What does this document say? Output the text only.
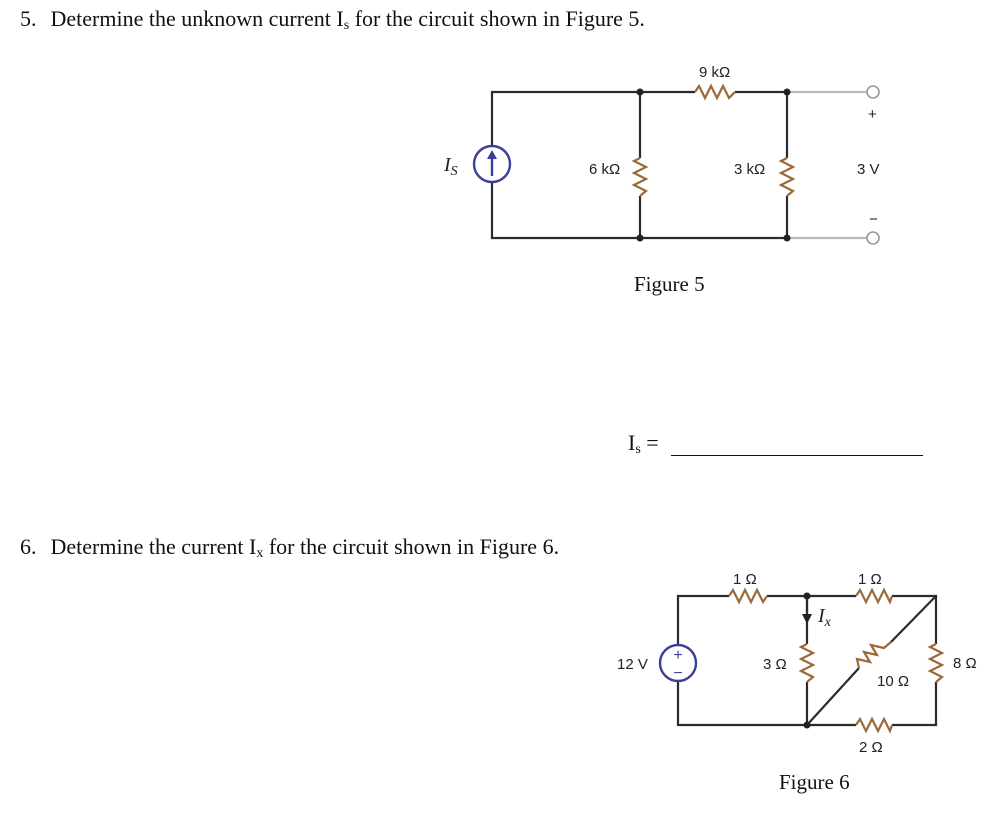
5. Determine the unknown current Is for the circuit shown in Figure 5.
$I_S$	6 kΩ
9 kΩ
3 kΩ	3 V
+
−
Figure 5
Is =
6. Determine the current Ix for the circuit shown in Figure 6.
+
−
12 V
1 Ω	1 Ω
3 Ω
10 Ω
8 Ω
2 Ω
$I_x$
Figure 6
